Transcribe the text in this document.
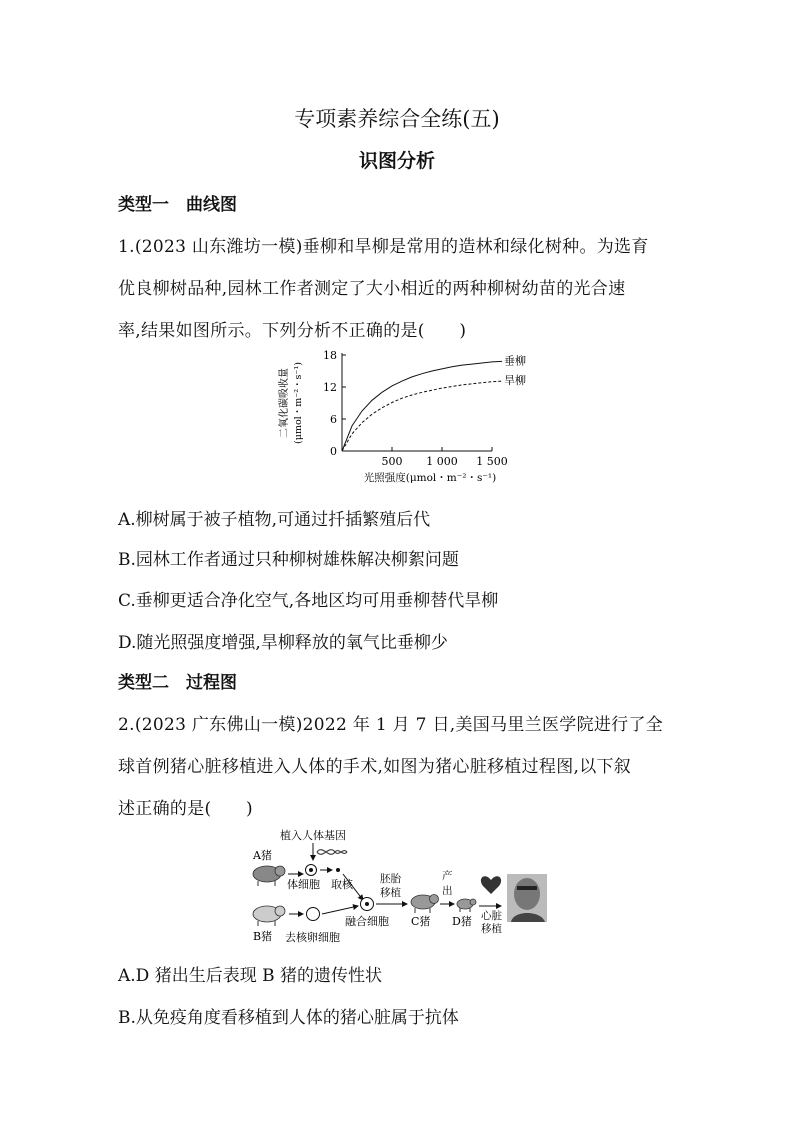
专项素养综合全练(五)
识图分析
类型一　曲线图
1.(2023 山东潍坊一模)垂柳和旱柳是常用的造林和绿化树种。为选育
优良柳树品种,园林工作者测定了大小相近的两种柳树幼苗的光合速
率,结果如图所示。下列分析不正确的是(　　)
0
6
12
18
500 1 000 1 500
垂柳
旱柳
二氧化碳吸收量 (μmol・m⁻²・s⁻¹)
光照强度(μmol・m⁻²・s⁻¹)
A.柳树属于被子植物,可通过扦插繁殖后代
B.园林工作者通过只种柳树雄株解决柳絮问题
C.垂柳更适合净化空气,各地区均可用垂柳替代旱柳
D.随光照强度增强,旱柳释放的氧气比垂柳少
类型二　过程图
2.(2023 广东佛山一模)2022 年 1 月 7 日,美国马里兰医学院进行了全
球首例猪心脏移植进入人体的手术,如图为猪心脏移植过程图,以下叙
述正确的是(　　)
植入人体基因
A猪
体细胞 取核
B猪 去核卵细胞
融合细胞
胚胎
移植
C猪
产
出
D猪 心脏
移植
A.D 猪出生后表现 B 猪的遗传性状
B.从免疫角度看移植到人体的猪心脏属于抗体
